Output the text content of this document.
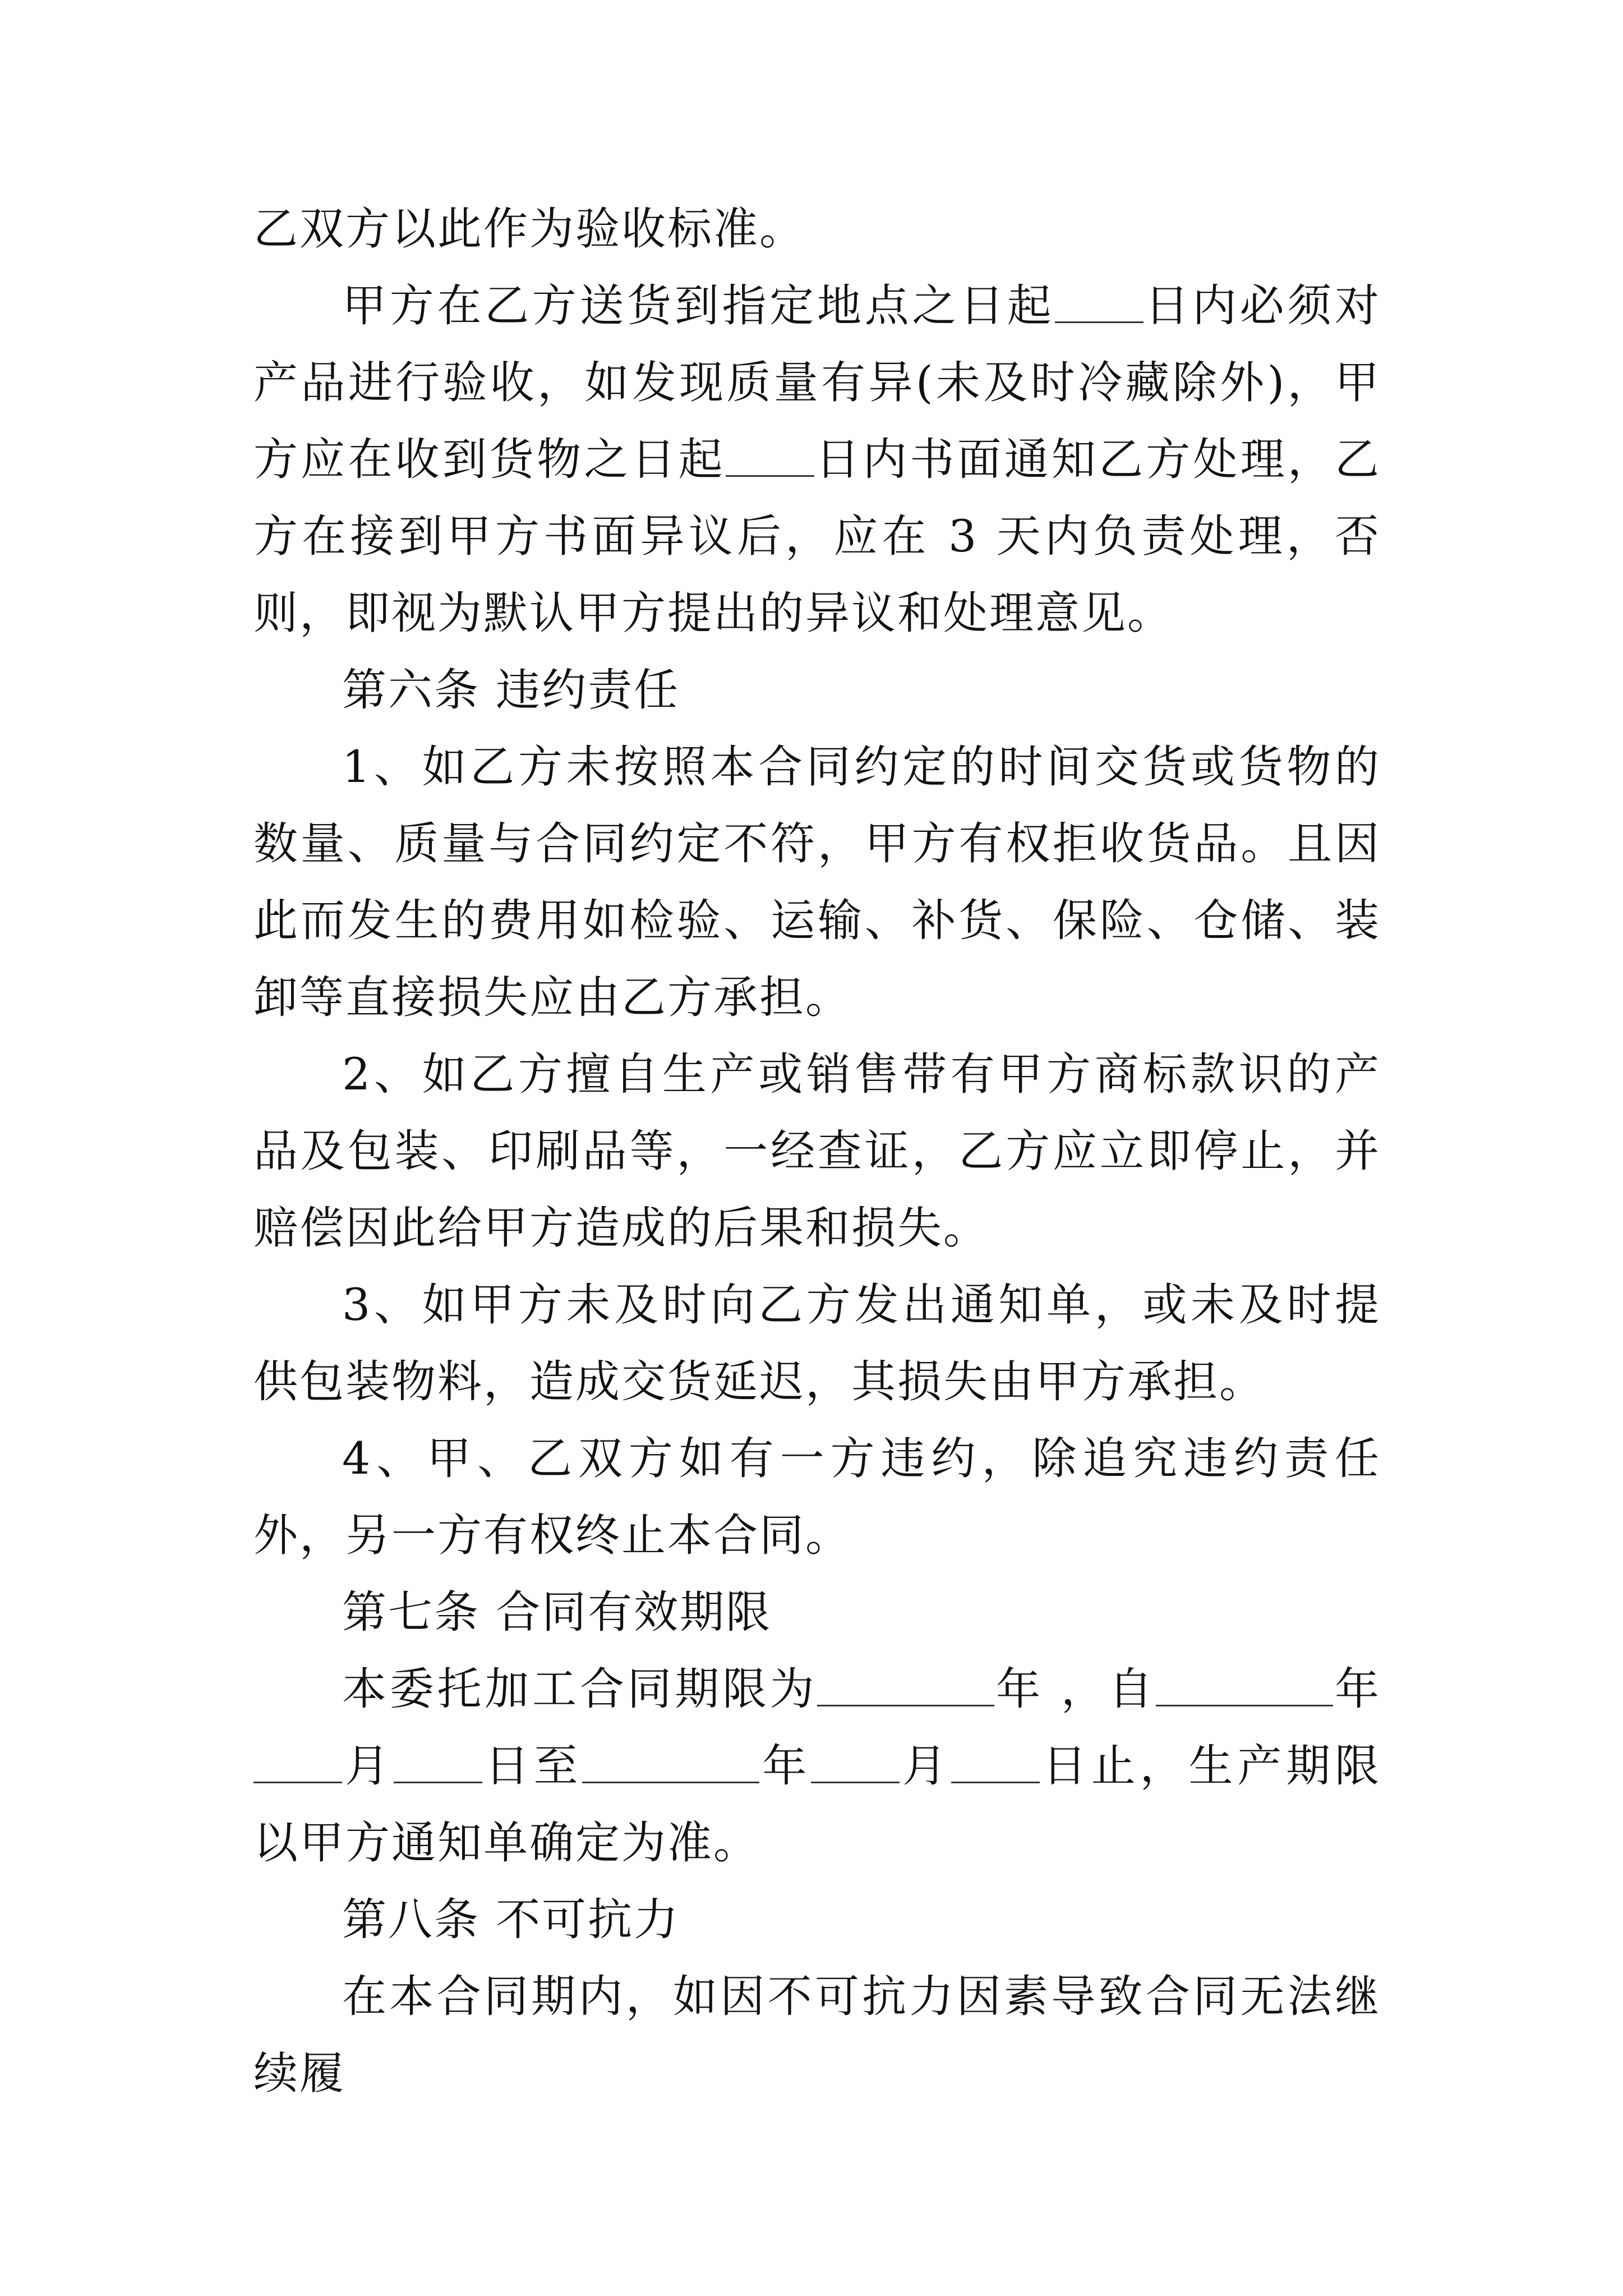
乙双方以此作为验收标准。

甲方在乙方送货到指定地点之日起 日内必须对产品进行验收，如发现质量有异(未及时冷藏除外)，甲方应在收到货物之日起 日内书面通知乙方处理，乙方在接到甲方书面异议后，应在 3 天内负责处理，否则，即视为默认甲方提出的异议和处理意见。

第六条 违约责任

1、如乙方未按照本合同约定的时间交货或货物的数量、质量与合同约定不符，甲方有权拒收货品。且因此而发生的费用如检验、运输、补货、保险、仓储、装卸等直接损失应由乙方承担。

2、如乙方擅自生产或销售带有甲方商标款识的产品及包装、印刷品等，一经查证，乙方应立即停止，并赔偿因此给甲方造成的后果和损失。

3、如甲方未及时向乙方发出通知单，或未及时提供包装物料，造成交货延迟，其损失由甲方承担。

4、甲、乙双方如有一方违约，除追究违约责任外，另一方有权终止本合同。

第七条 合同有效期限

本委托加工合同期限为	年 ，自	年月 日至	年 月 日止，生产期限以甲方通知单确定为准。

第八条 不可抗力

在本合同期内，如因不可抗力因素导致合同无法继续履
